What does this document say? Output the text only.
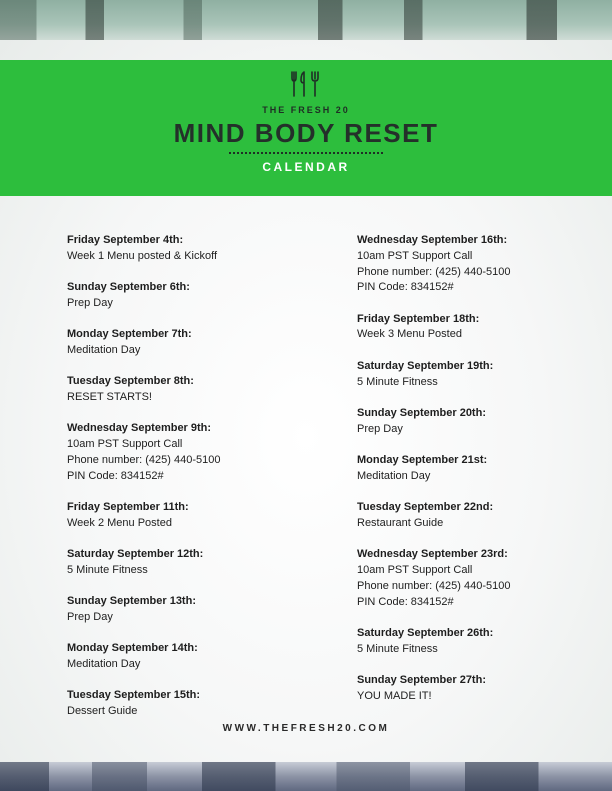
THE FRESH 20
MIND BODY RESET
CALENDAR
Friday September 4th:
Week 1 Menu posted & Kickoff
Sunday September 6th:
Prep Day
Monday September 7th:
Meditation Day
Tuesday September 8th:
RESET STARTS!
Wednesday September 9th:
10am PST Support Call
Phone number: (425) 440-5100
PIN Code: 834152#
Friday September 11th:
Week 2 Menu Posted
Saturday September 12th:
5 Minute Fitness
Sunday September 13th:
Prep Day
Monday September 14th:
Meditation Day
Tuesday September 15th:
Dessert Guide
Wednesday September 16th:
10am PST Support Call
Phone number: (425) 440-5100
PIN Code: 834152#
Friday September 18th:
Week 3 Menu Posted
Saturday September 19th:
5 Minute Fitness
Sunday September 20th:
Prep Day
Monday September 21st:
Meditation Day
Tuesday September 22nd:
Restaurant Guide
Wednesday September 23rd:
10am PST Support Call
Phone number: (425) 440-5100
PIN Code: 834152#
Saturday September 26th:
5 Minute Fitness
Sunday September 27th:
YOU MADE IT!
WWW.THEFRESH20.COM
